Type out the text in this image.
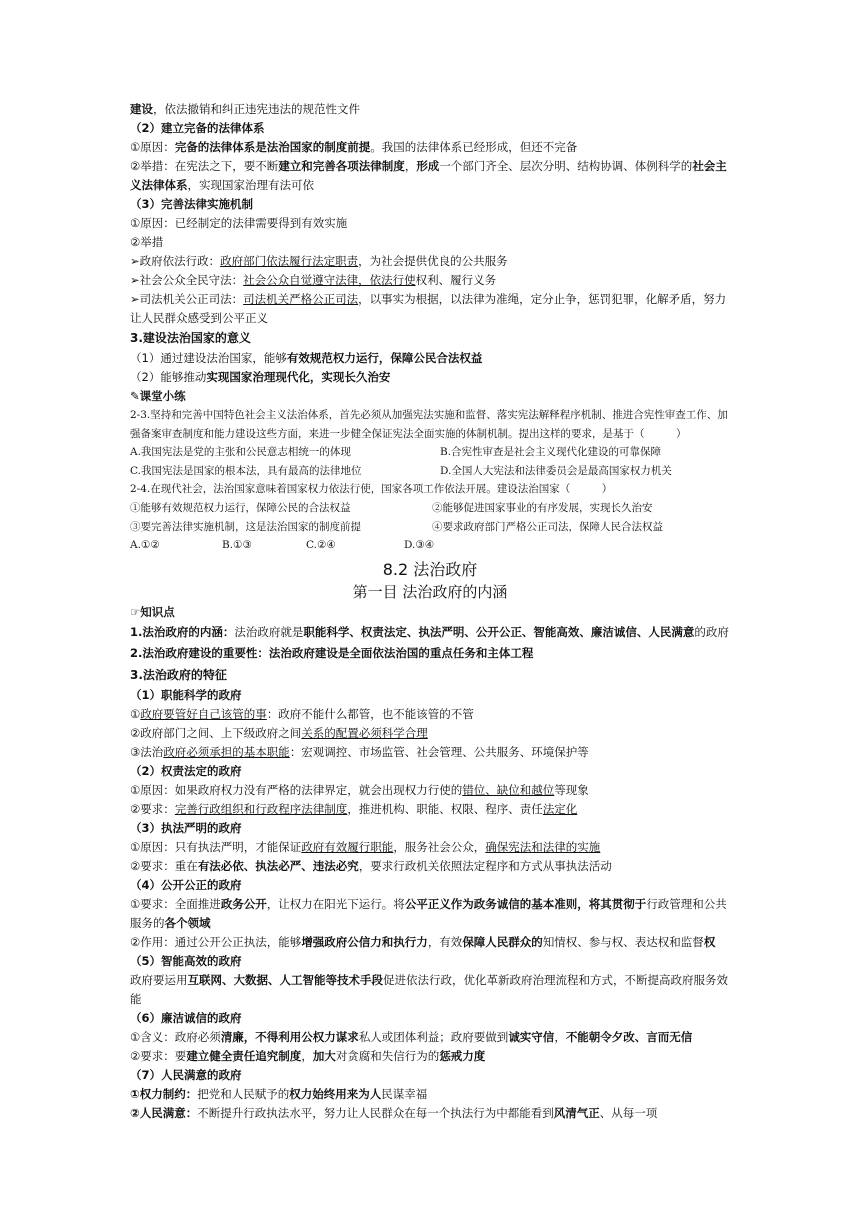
建设，依法撤销和纠正违宪违法的规范性文件
（2）建立完备的法律体系
①原因：完备的法律体系是法治国家的制度前提。我国的法律体系已经形成，但还不完备
②举措：在宪法之下，要不断建立和完善各项法律制度，形成一个部门齐全、层次分明、结构协调、体例科学的社会主义法律体系，实现国家治理有法可依
（3）完善法律实施机制
①原因：已经制定的法律需要得到有效实施
②举措
➢政府依法行政：政府部门依法履行法定职责，为社会提供优良的公共服务
➢社会公众全民守法：社会公众自觉遵守法律，依法行使权利、履行义务
➢司法机关公正司法：司法机关严格公正司法，以事实为根据，以法律为准绳，定分止争，惩罚犯罪，化解矛盾，努力让人民群众感受到公平正义
3.建设法治国家的意义
（1）通过建设法治国家，能够有效规范权力运行，保障公民合法权益
（2）能够推动实现国家治理现代化，实现长久治安
✎课堂小练
2-3.坚持和完善中国特色社会主义法治体系，首先必须从加强宪法实施和监督、落实宪法解释程序机制、推进合宪性审查工作、加强备案审查制度和能力建设这些方面，来进一步健全保证宪法全面实施的体制机制。提出这样的要求，是基于（　　　）
A.我国宪法是党的主张和公民意志相统一的体现	B.合宪性审查是社会主义现代化建设的可靠保障
C.我国宪法是国家的根本法，具有最高的法律地位	D.全国人大宪法和法律委员会是最高国家权力机关
2-4.在现代社会，法治国家意味着国家权力依法行使，国家各项工作依法开展。建设法治国家（　　　）
①能够有效规范权力运行，保障公民的合法权益	②能够促进国家事业的有序发展，实现长久治安
③要完善法律实施机制，这是法治国家的制度前提	④要求政府部门严格公正司法，保障人民合法权益
A.①②	B.①③	C.②④	D.③④
8.2 法治政府
第一目 法治政府的内涵
☞知识点
1.法治政府的内涵：法治政府就是职能科学、权责法定、执法严明、公开公正、智能高效、廉洁诚信、人民满意的政府
2.法治政府建设的重要性：法治政府建设是全面依法治国的重点任务和主体工程
3.法治政府的特征
（1）职能科学的政府
①政府要管好自己该管的事：政府不能什么都管，也不能该管的不管
②政府部门之间、上下级政府之间关系的配置必须科学合理
③法治政府必须承担的基本职能：宏观调控、市场监管、社会管理、公共服务、环境保护等
（2）权责法定的政府
①原因：如果政府权力没有严格的法律界定，就会出现权力行使的错位、缺位和越位等现象
②要求：完善行政组织和行政程序法律制度，推进机构、职能、权限、程序、责任法定化
（3）执法严明的政府
①原因：只有执法严明，才能保证政府有效履行职能，服务社会公众，确保宪法和法律的实施
②要求：重在有法必依、执法必严、违法必究，要求行政机关依照法定程序和方式从事执法活动
（4）公开公正的政府
①要求：全面推进政务公开，让权力在阳光下运行。将公平正义作为政务诚信的基本准则，将其贯彻于行政管理和公共服务的各个领域
②作用：通过公开公正执法，能够增强政府公信力和执行力，有效保障人民群众的知情权、参与权、表达权和监督权
（5）智能高效的政府
政府要运用互联网、大数据、人工智能等技术手段促进依法行政，优化革新政府治理流程和方式，不断提高政府服务效能
（6）廉洁诚信的政府
①含义：政府必须清廉，不得利用公权力谋求私人或团体利益；政府要做到诚实守信，不能朝令夕改、言而无信
②要求：要建立健全责任追究制度，加大对贪腐和失信行为的惩戒力度
（7）人民满意的政府
①权力制约：把党和人民赋予的权力始终用来为人民谋幸福
②人民满意：不断提升行政执法水平，努力让人民群众在每一个执法行为中都能看到风清气正、从每一项
